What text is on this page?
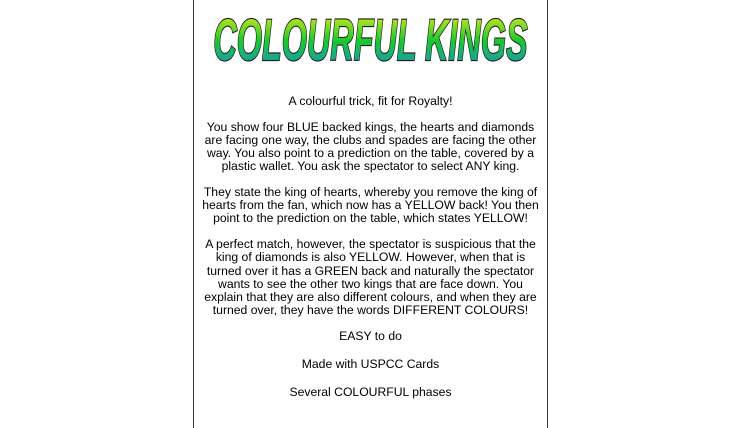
COLOURFUL KINGS

A colourful trick, fit for Royalty!

You show four BLUE backed kings, the hearts and diamonds are facing one way, the clubs and spades are facing the other way. You also point to a prediction on the table, covered by a plastic wallet. You ask the spectator to select ANY king.

They state the king of hearts, whereby you remove the king of hearts from the fan, which now has a YELLOW back! You then point to the prediction on the table, which states YELLOW!

A perfect match, however, the spectator is suspicious that the king of diamonds is also YELLOW. However, when that is turned over it has a GREEN back and naturally the spectator wants to see the other two kings that are face down. You explain that they are also different colours, and when they are turned over, they have the words DIFFERENT COLOURS!

EASY to do

Made with USPCC Cards

Several COLOURFUL phases
